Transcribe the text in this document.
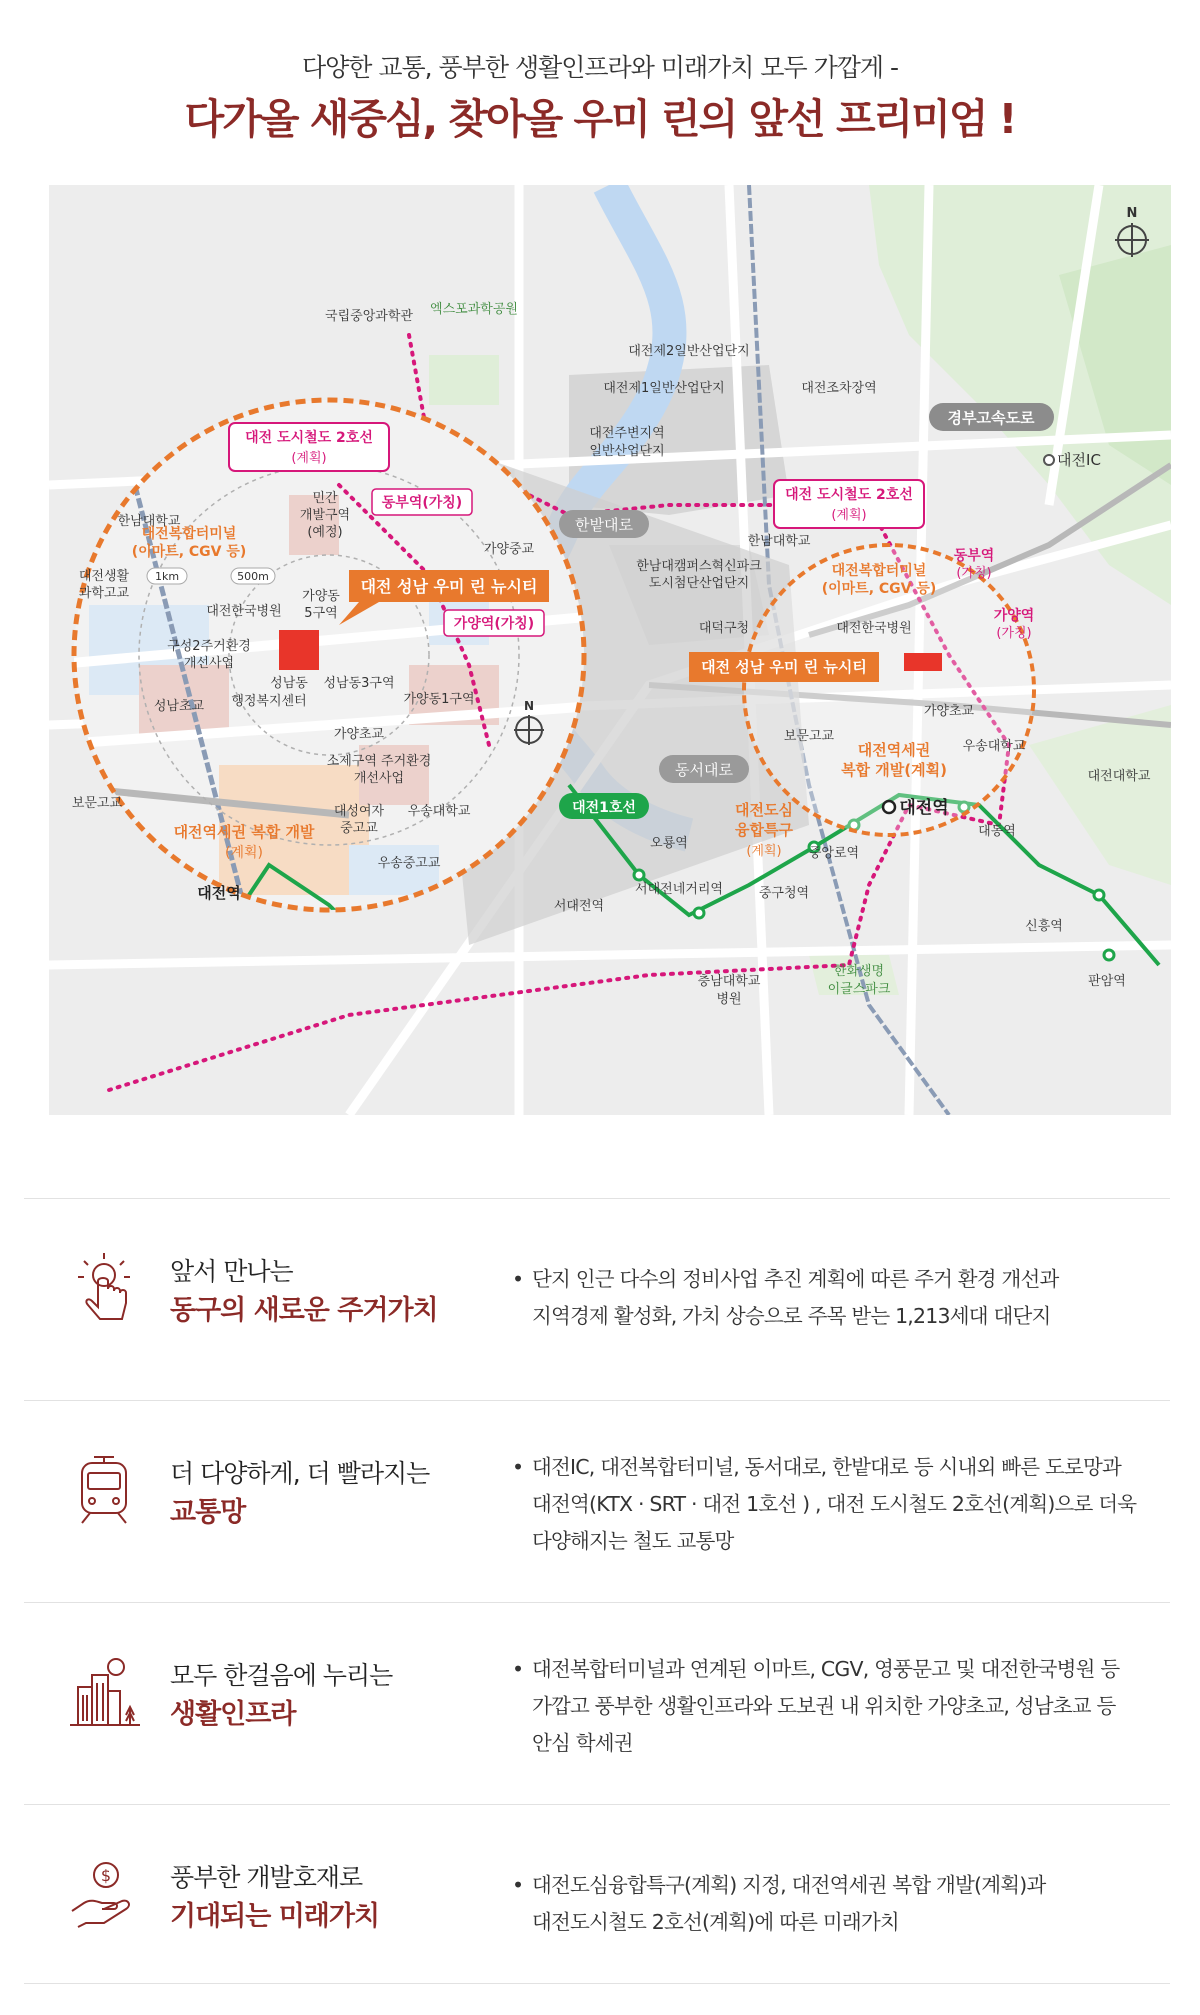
다양한 교통, 풍부한 생활인프라와 미래가치 모두 가깝게 -
다가올 새중심, 찾아올 우미 린의 앞선 프리미엄 !
N
N
경부고속도로
한밭대로
동서대로
대전1호선
대전 도시철도 2호선
(계획)
대전 도시철도 2호선
(계획)
대전 성남 우미 린 뉴시티
대전 성남 우미 린 뉴시티
동부역(가칭)
가양역(가칭)
대전복합터미널
(이마트, CGV 등)
민간
개발구역
(예정)
가양동
5구역
구성2주거환경
개선사업
대전역세권 복합 개발
(계획)
대전역
한남대학교
대전생활
과학고교
1km	500m
대전한국병원
가양중교
성남동3구역
성남동
행정복지센터
성남초교	가양동1구역
가양초교
소제구역 주거환경
개선사업
대성여자
중고교
우송대학교
우송중고교
보문고교
국립중앙과학관 엑스포과학공원
대전제2일반산업단지
대전제1일반산업단지	대전조차장역
대전주변지역
일반산업단지	대전IC
한남대학교
한남대캠퍼스혁신파크
도시첨단산업단지
대덕구청
대전복합터미널
(이마트, CGV 등)
동부역
(가칭)
가양역
(가칭)
대전한국병원
가양초교
보문고교
대전역세권
복합 개발(계획)
우송대학교
대전대학교
대전역
대동역
대전도심
융합특구
(계획) 중앙로역
오룡역
중구청역
서대전네거리역
서대전역
충남대학교
병원
한화생명
이글스파크
신흥역
판암역
앞서 만나는
동구의 새로운 주거가치
• 단지 인근 다수의 정비사업 추진 계획에 따른 주거 환경 개선과
지역경제 활성화, 가치 상승으로 주목 받는 1,213세대 대단지
더 다양하게, 더 빨라지는
교통망
• 대전IC, 대전복합터미널, 동서대로, 한밭대로 등 시내외 빠른 도로망과
대전역(KTX · SRT · 대전 1호선 ) , 대전 도시철도 2호선(계획)으로 더욱
다양해지는 철도 교통망
모두 한걸음에 누리는
생활인프라
• 대전복합터미널과 연계된 이마트, CGV, 영풍문고 및 대전한국병원 등
가깝고 풍부한 생활인프라와 도보권 내 위치한 가양초교, 성남초교 등
안심 학세권
$ 풍부한 개발호재로
기대되는 미래가치
• 대전도심융합특구(계획) 지정, 대전역세권 복합 개발(계획)과
대전도시철도 2호선(계획)에 따른 미래가치
